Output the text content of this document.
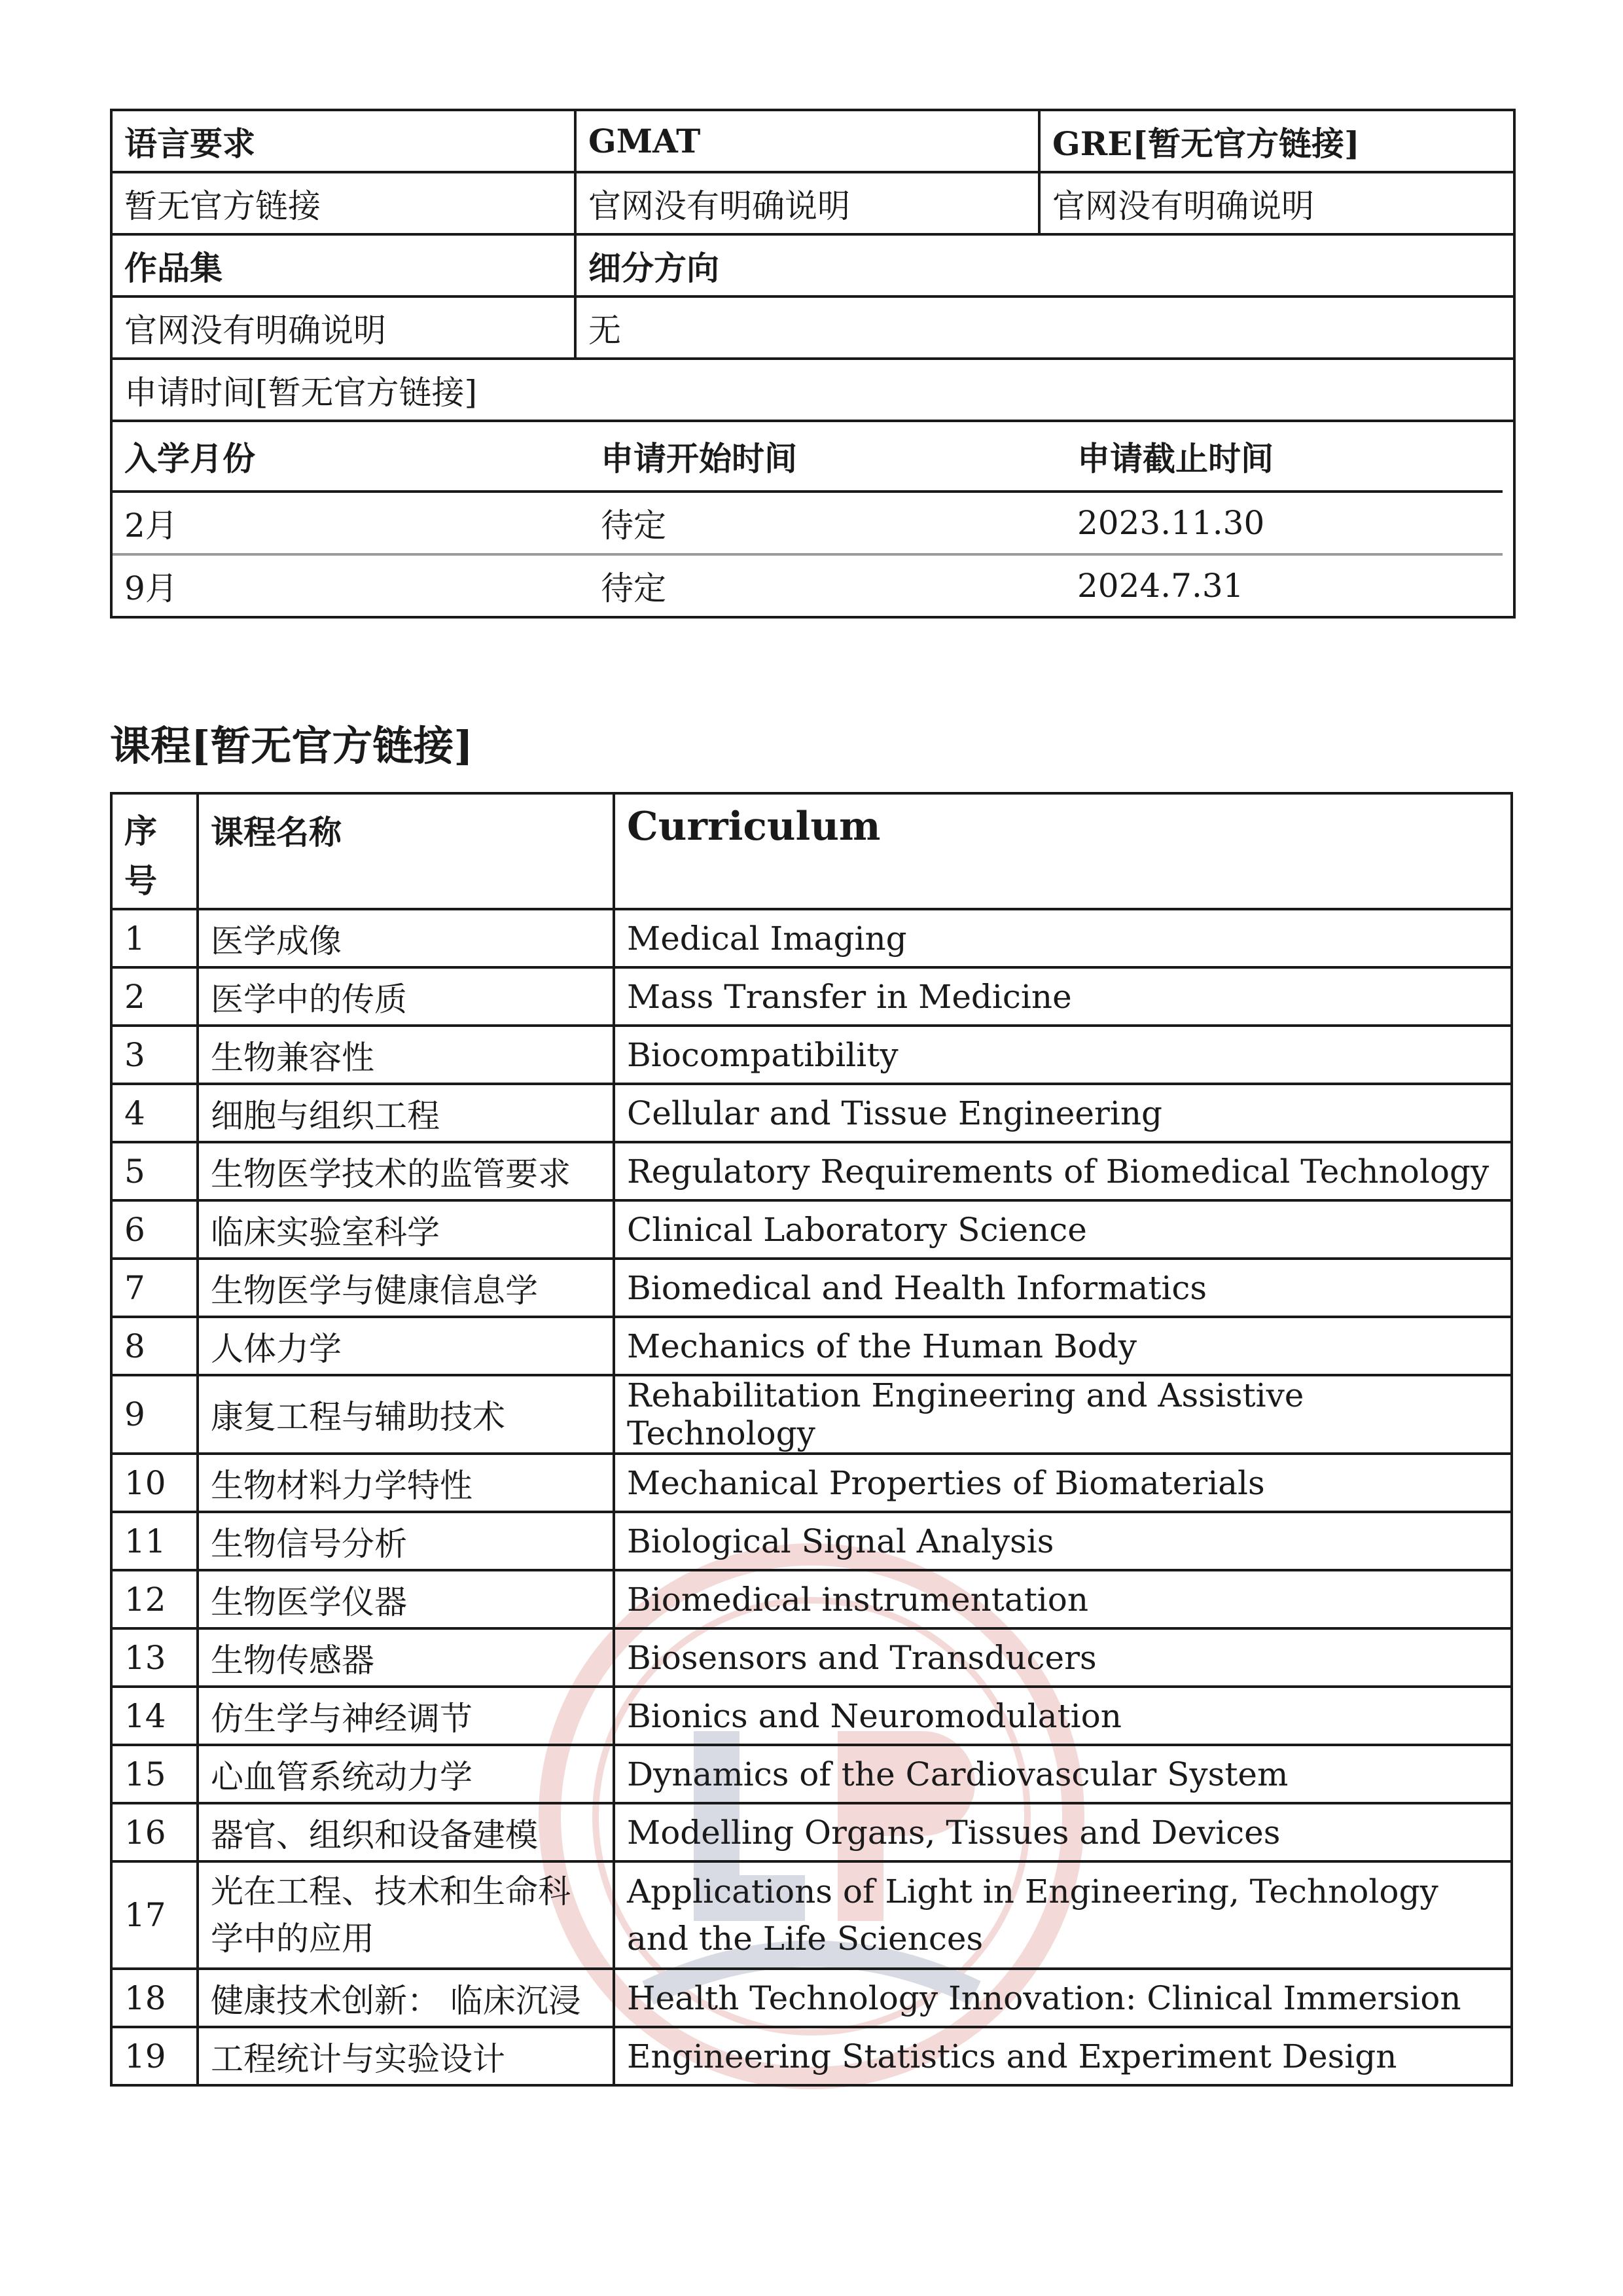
语言要求	GMAT	GRE[暂无官方链接]
暂无官方链接	官网没有明确说明	官网没有明确说明
作品集	细分方向
官网没有明确说明	无
申请时间[暂无官方链接]

入学月份	申请开始时间	申请截止时间
2月	待定	2023.11.30
9月	待定	2024.7.31
课程[暂无官方链接]
序号	课程名称	Curriculum
1	医学成像	Medical Imaging
2	医学中的传质	Mass Transfer in Medicine
3	生物兼容性	Biocompatibility
4	细胞与组织工程	Cellular and Tissue Engineering
5	生物医学技术的监管要求	Regulatory Requirements of Biomedical Technology
6	临床实验室科学	Clinical Laboratory Science
7	生物医学与健康信息学	Biomedical and Health Informatics
8	人体力学	Mechanics of the Human Body
9	康复工程与辅助技术	Rehabilitation Engineering and Assistive Technology
10	生物材料力学特性	Mechanical Properties of Biomaterials
11	生物信号分析	Biological Signal Analysis
12	生物医学仪器	Biomedical instrumentation
13	生物传感器	Biosensors and Transducers
14	仿生学与神经调节	Bionics and Neuromodulation
15	心血管系统动力学	Dynamics of the Cardiovascular System
16	器官、组织和设备建模	Modelling Organs, Tissues and Devices
17	光在工程、技术和生命科学中的应用	Applications of Light in Engineering, Technology and the Life Sciences
18	健康技术创新： 临床沉浸	Health Technology Innovation: Clinical Immersion
19	工程统计与实验设计	Engineering Statistics and Experiment Design
